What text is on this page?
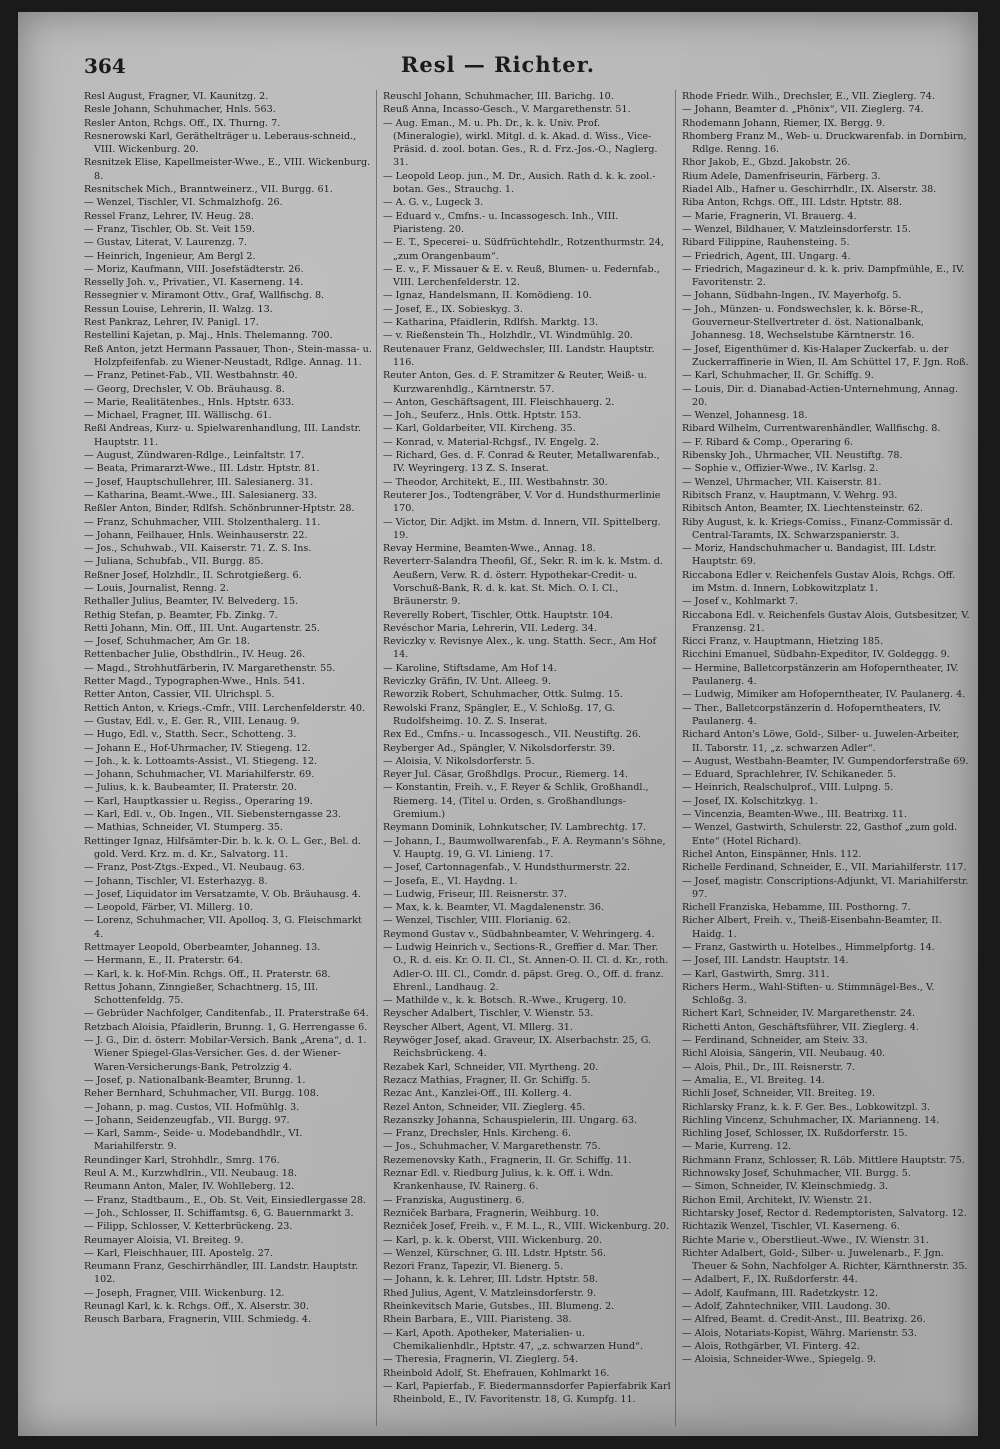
364	Resl — Richter.

Resl August, Fragner, VI. Kaunitzg. 2.

Resle Johann, Schuhmacher, Hnls. 563.

Resler Anton, Rchgs. Off., IX. Thurng. 7.

Resnerowski Karl, Geräthelträger u. Leberaus-schneid., VIII. Wickenburg. 20.

Resnitzek Elise, Kapellmeister-Wwe., E., VIII. Wickenburg. 8.

Resnitschek Mich., Branntweinerz., VII. Burgg. 61.

— Wenzel, Tischler, VI. Schmalzhofg. 26.

Ressel Franz, Lehrer, IV. Heug. 28.

— Franz, Tischler, Ob. St. Veit 159.

— Gustav, Literat, V. Laurenzg. 7.

— Heinrich, Ingenieur, Am Bergl 2.

— Moriz, Kaufmann, VIII. Josefstädterstr. 26.

Resselly Joh. v., Privatier., VI. Kaserneng. 14.

Ressegnier v. Miramont Ottv., Graf, Wallfischg. 8.

Ressun Louise, Lehrerin, II. Walzg. 13.

Rest Pankraz, Lehrer, IV. Panigl. 17.

Restellini Kajetan, p. Maj., Hnls. Thelemanng. 700.

Reß Anton, jetzt Hermann Passauer, Thon-, Stein-massa- u. Holzpfeifenfab. zu Wiener-Neustadt, Rdlge. Annag. 11.

— Franz, Petinet-Fab., VII. Westbahnstr. 40.

— Georg, Drechsler, V. Ob. Bräuhausg. 8.

— Marie, Realitätenbes., Hnls. Hptstr. 633.

— Michael, Fragner, III. Wällischg. 61.

Reßl Andreas, Kurz- u. Spielwarenhandlung, III. Landstr. Hauptstr. 11.

— August, Zündwaren-Rdlge., Leinfaltstr. 17.

— Beata, Primararzt-Wwe., III. Ldstr. Hptstr. 81.

— Josef, Hauptschullehrer, III. Salesianerg. 31.

— Katharina, Beamt.-Wwe., III. Salesianerg. 33.

Reßler Anton, Binder, Rdlfsh. Schönbrunner-Hptstr. 28.

— Franz, Schuhmacher, VIII. Stolzenthalerg. 11.

— Johann, Feilhauer, Hnls. Weinhauserstr. 22.

— Jos., Schuhwab., VII. Kaiserstr. 71. Z. S. Ins.

— Juliana, Schubfab., VII. Burgg. 85.

Reßner Josef, Holzhdlr., II. Schrotgießerg. 6.

— Louis, Journalist, Renng. 2.

Rethaller Julius, Beamter, IV. Belvederg. 15.

Rethig Stefan, p. Beamter, Fb. Zinkg. 7.

Retti Johann, Min. Off., III. Unt. Augartenstr. 25.

— Josef, Schuhmacher, Am Gr. 18.

Rettenbacher Julie, Obsthdlrin., IV. Heug. 26.

— Magd., Strohhutfärberin, IV. Margarethenstr. 55.

Retter Magd., Typographen-Wwe., Hnls. 541.

Retter Anton, Cassier, VII. Ulrichspl. 5.

Rettich Anton, v. Kriegs.-Cmfr., VIII. Lerchenfelderstr. 40.

— Gustav, Edl. v., E. Ger. R., VIII. Lenaug. 9.

— Hugo, Edl. v., Statth. Secr., Schotteng. 3.

— Johann E., Hof-Uhrmacher, IV. Stiegeng. 12.

— Joh., k. k. Lottoamts-Assist., VI. Stiegeng. 12.

— Johann, Schuhmacher, VI. Mariahilferstr. 69.

— Julius, k. k. Baubeamter, II. Praterstr. 20.

— Karl, Hauptkassier u. Regiss., Operaring 19.

— Karl, Edl. v., Ob. Ingen., VII. Siebensterngasse 23.

— Mathias, Schneider, VI. Stumperg. 35.

Rettinger Ignaz, Hilfsämter-Dir. b. k. k. O. L. Ger., Bel. d. gold. Verd. Krz. m. d. Kr., Salvatorg. 11.

— Franz, Post-Ztgs.-Exped., VI. Neubaug. 63.

— Johann, Tischler, VI. Esterhazyg. 8.

— Josef, Liquidator im Versatzamte, V. Ob. Bräuhausg. 4.

— Leopold, Färber, VI. Millerg. 10.

— Lorenz, Schuhmacher, VII. Apolloq. 3, G. Fleischmarkt 4.

Rettmayer Leopold, Oberbeamter, Johanneg. 13.

— Hermann, E., II. Praterstr. 64.

— Karl, k. k. Hof-Min. Rchgs. Off., II. Praterstr. 68.

Rettus Johann, Zinngießer, Schachtnerg. 15, III. Schottenfeldg. 75.

— Gebrüder Nachfolger, Canditenfab., II. Praterstraße 64.

Retzbach Aloisia, Pfaidlerin, Brunng. 1, G. Herrengasse 6.

— J. G., Dir. d. österr. Mobilar-Versich. Bank „Arena“, d. 1. Wiener Spiegel-Glas-Versicher. Ges. d. der Wiener-Waren-Versicherungs-Bank, Petrolzzig 4.

— Josef, p. Nationalbank-Beamter, Brunng. 1.

Reher Bernhard, Schuhmacher, VII. Burgg. 108.

— Johann, p. mag. Custos, VII. Hofmühlg. 3.

— Johann, Seidenzeugfab., VII. Burgg. 97.

— Karl, Samm-, Seide- u. Modebandhdlr., VI. Mariahilferstr. 9.

Reundinger Karl, Strohhdlr., Smrg. 176.

Reul A. M., Kurzwhdlrin., VII. Neubaug. 18.

Reumann Anton, Maler, IV. Wohlleberg. 12.

— Franz, Stadtbaum., E., Ob. St. Veit, Einsiedlergasse 28.

— Joh., Schlosser, II. Schiffamtsg. 6, G. Bauernmarkt 3.

— Filipp, Schlosser, V. Ketterbrückeng. 23.

Reumayer Aloisia, VI. Breiteg. 9.

— Karl, Fleischhauer, III. Apostelg. 27.

Reumann Franz, Geschirrhändler, III. Landstr. Hauptstr. 102.

— Joseph, Fragner, VIII. Wickenburg. 12.

Reunagl Karl, k. k. Rchgs. Off., X. Alserstr. 30.

Reusch Barbara, Fragnerin, VIII. Schmiedg. 4.

Reuschl Johann, Schuhmacher, III. Barichg. 10.

Reuß Anna, Incasso-Gesch., V. Margarethenstr. 51.

— Aug. Eman., M. u. Ph. Dr., k. k. Univ. Prof. (Mineralogie), wirkl. Mitgl. d. k. Akad. d. Wiss., Vice-Präsid. d. zool. botan. Ges., R. d. Frz.-Jos.-O., Naglerg. 31.

— Leopold Leop. jun., M. Dr., Ausich. Rath d. k. k. zool.-botan. Ges., Strauchg. 1.

— A. G. v., Lugeck 3.

— Eduard v., Cmfns.- u. Incassogesch. Inh., VIII. Piaristeng. 20.

— E. T., Specerei- u. Südfrüchtehdlr., Rotzenthurmstr. 24, „zum Orangenbaum“.

— E. v., F. Missauer & E. v. Reuß, Blumen- u. Federnfab., VIII. Lerchenfelderstr. 12.

— Ignaz, Handelsmann, II. Komödieng. 10.

— Josef, E., IX. Sobieskyg. 3.

— Katharina, Pfaidlerin, Rdlfsh. Marktg. 13.

— v. Rießenstein Th., Holzhdlr., VI. Windmühlg. 20.

Reutenauer Franz, Geldwechsler, III. Landstr. Hauptstr. 116.

Reuter Anton, Ges. d. F. Stramitzer & Reuter, Weiß- u. Kurzwarenhdlg., Kärntnerstr. 57.

— Anton, Geschäftsagent, III. Fleischhauerg. 2.

— Joh., Seuferz., Hnls. Ottk. Hptstr. 153.

— Karl, Goldarbeiter, VII. Kircheng. 35.

— Konrad, v. Material-Rchgsf., IV. Engelg. 2.

— Richard, Ges. d. F. Conrad & Reuter, Metallwarenfab., IV. Weyringerg. 13 Z. S. Inserat.

— Theodor, Architekt, E., III. Westbahnstr. 30.

Reuterer Jos., Todtengräber, V. Vor d. Hundsthurmerlinie 170.

— Victor, Dir. Adjkt. im Mstm. d. Innern, VII. Spittelberg. 19.

Revay Hermine, Beamten-Wwe., Annag. 18.

Reverterr-Salandra Theofil, Gf., Sekr. R. im k. k. Mstm. d. Aeußern, Verw. R. d. österr. Hypothekar-Credit- u. Vorschuß-Bank, R. d. k. kat. St. Mich. O. I. Cl., Bräunerstr. 9.

Reverelly Robert, Tischler, Ottk. Hauptstr. 104.

Revéschor Maria, Lehrerin, VII. Lederg. 34.

Reviczky v. Revisnye Alex., k. ung. Statth. Secr., Am Hof 14.

— Karoline, Stiftsdame, Am Hof 14.

Reviczky Gräfin, IV. Unt. Alleeg. 9.

Reworzik Robert, Schuhmacher, Ottk. Sulmg. 15.

Rewolski Franz, Spängler, E., V. Schloßg. 17, G. Rudolfsheimg. 10. Z. S. Inserat.

Rex Ed., Cmfns.- u. Incassogesch., VII. Neustiftg. 26.

Reyberger Ad., Spängler, V. Nikolsdorferstr. 39.

— Aloisia, V. Nikolsdorferstr. 5.

Reyer Jul. Cäsar, Großhdlgs. Procur., Riemerg. 14.

— Konstantin, Freih. v., F. Reyer & Schlik, Großhandl., Riemerg. 14, (Titel u. Orden, s. Großhandlungs-Gremium.)

Reymann Dominik, Lohnkutscher, IV. Lambrechtg. 17.

— Johann, I., Baumwollwarenfab., F. A. Reymann's Söhne, V. Hauptg. 19, G. VI. Linieng. 17.

— Josef, Cartonnagenfab., V. Hundsthurmerstr. 22.

— Josefa, E., VI. Haydng. 1.

— Ludwig, Friseur, III. Reisnerstr. 37.

— Max, k. k. Beamter, VI. Magdalenenstr. 36.

— Wenzel, Tischler, VIII. Florianig. 62.

Reymond Gustav v., Südbahnbeamter, V. Wehringerg. 4.

— Ludwig Heinrich v., Sections-R., Greffier d. Mar. Ther. O., R. d. eis. Kr. O. II. Cl., St. Annen-O. II. Cl. d. Kr., roth. Adler-O. III. Cl., Comdr. d. päpst. Greg. O., Off. d. franz. Ehrenl., Landhaug. 2.

— Mathilde v., k. k. Botsch. R.-Wwe., Krugerg. 10.

Reyscher Adalbert, Tischler, V. Wienstr. 53.

Reyscher Albert, Agent, VI. Mllerg. 31.

Reywöger Josef, akad. Graveur, IX. Alserbachstr. 25, G. Reichsbrückeng. 4.

Rezabek Karl, Schneider, VII. Myrtheng. 20.

Rezacz Mathias, Fragner, II. Gr. Schiffg. 5.

Rezac Ant., Kanzlei-Off., III. Kollerg. 4.

Rezel Anton, Schneider, VII. Zieglerg. 45.

Rezanszky Johanna, Schauspielerin, III. Ungarg. 63.

— Franz, Drechsler, Hnls. Kircheng. 6.

— Jos., Schuhmacher, V. Margarethenstr. 75.

Rezemenovsky Kath., Fragnerin, II. Gr. Schiffg. 11.

Reznar Edl. v. Riedburg Julius, k. k. Off. i. Wdn. Krankenhause, IV. Rainerg. 6.

— Franziska, Augustinerg. 6.

Rezniček Barbara, Fragnerin, Weihburg. 10.

Rezniček Josef, Freih. v., F. M. L., R., VIII. Wickenburg. 20.

— Karl, p. k. k. Oberst, VIII. Wickenburg. 20.

— Wenzel, Kürschner, G. III. Ldstr. Hptstr. 56.

Rezori Franz, Tapezir, VI. Bienerg. 5.

— Johann, k. k. Lehrer, III. Ldstr. Hptstr. 58.

Rhed Julius, Agent, V. Matzleinsdorferstr. 9.

Rheinkevitsch Marie, Gutsbes., III. Blumeng. 2.

Rhein Barbara, E., VIII. Piaristeng. 38.

— Karl, Apoth. Apotheker, Materialien- u. Chemikalienhdlr., Hptstr. 47, „z. schwarzen Hund“.

— Theresia, Fragnerin, VI. Zieglerg. 54.

Rheinbold Adolf, St. Ehefrauen, Kohlmarkt 16.

— Karl, Papierfab., F. Biedermannsdorfer Papierfabrik Karl Rheinbold, E., IV. Favoritenstr. 18, G. Kumpfg. 11.

Rhode Friedr. Wilh., Drechsler, E., VII. Zieglerg. 74.

— Johann, Beamter d. „Phönix“, VII. Zieglerg. 74.

Rhodemann Johann, Riemer, IX. Bergg. 9.

Rhomberg Franz M., Web- u. Druckwarenfab. in Dornbirn, Rdlge. Renng. 16.

Rhor Jakob, E., Gbzd. Jakobstr. 26.

Rium Adele, Damenfriseurin, Färberg. 3.

Riadel Alb., Hafner u. Geschirrhdlr., IX. Alserstr. 38.

Riba Anton, Rchgs. Off., III. Ldstr. Hptstr. 88.

— Marie, Fragnerin, VI. Brauerg. 4.

— Wenzel, Bildhauer, V. Matzleinsdorferstr. 15.

Ribard Filippine, Rauhensteing. 5.

— Friedrich, Agent, III. Ungarg. 4.

— Friedrich, Magazineur d. k. k. priv. Dampfmühle, E., IV. Favoritenstr. 2.

— Johann, Südbahn-Ingen., IV. Mayerhofg. 5.

— Joh., Münzen- u. Fondswechsler, k. k. Börse-R., Gouverneur-Stellvertreter d. öst. Nationalbank, Johannesg. 18, Wechselstube Kärntnerstr. 16.

— Josef, Eigenthümer d. Kis-Halaper Zuckerfab. u. der Zuckerraffinerie in Wien, II. Am Schüttel 17, F. Jgn. Roß.

— Karl, Schuhmacher, II. Gr. Schiffg. 9.

— Louis, Dir. d. Dianabad-Actien-Unternehmung, Annag. 20.

— Wenzel, Johannesg. 18.

Ribard Wilhelm, Currentwarenhändler, Wallfischg. 8.

— F. Ribard & Comp., Operaring 6.

Ribensky Joh., Uhrmacher, VII. Neustiftg. 78.

— Sophie v., Offizier-Wwe., IV. Karlsg. 2.

— Wenzel, Uhrmacher, VII. Kaiserstr. 81.

Ribitsch Franz, v. Hauptmann, V. Wehrg. 93.

Ribitsch Anton, Beamter, IX. Liechtensteinstr. 62.

Riby August, k. k. Kriegs-Comiss., Finanz-Commissär d. Central-Taramts, IX. Schwarzspanierstr. 3.

— Moriz, Handschuhmacher u. Bandagist, III. Ldstr. Hauptstr. 69.

Riccabona Edler v. Reichenfels Gustav Alois, Rchgs. Off. im Mstm. d. Innern, Lobkowitzplatz 1.

— Josef v., Kohlmarkt 7.

Riccabona Edl. v. Reichenfels Gustav Alois, Gutsbesitzer, V. Franzensg. 21.

Ricci Franz, v. Hauptmann, Hietzing 185.

Ricchini Emanuel, Südbahn-Expeditor, IV. Goldeggg. 9.

— Hermine, Balletcorpstänzerin am Hofoperntheater, IV. Paulanerg. 4.

— Ludwig, Mimiker am Hofoperntheater, IV. Paulanerg. 4.

— Ther., Balletcorpstänzerin d. Hofoperntheaters, IV. Paulanerg. 4.

Richard Anton's Löwe, Gold-, Silber- u. Juwelen-Arbeiter, II. Taborstr. 11, „z. schwarzen Adler“.

— August, Westbahn-Beamter, IV. Gumpendorferstraße 69.

— Eduard, Sprachlehrer, IV. Schikaneder. 5.

— Heinrich, Realschulprof., VIII. Lulpng. 5.

— Josef, IX. Kolschitzkyg. 1.

— Vincenzia, Beamten-Wwe., III. Beatrixg. 11.

— Wenzel, Gastwirth, Schulerstr. 22, Gasthof „zum gold. Ente“ (Hotel Richard).

Richel Anton, Einspänner, Hnls. 112.

Richelle Ferdinand, Schneider, E., VII. Mariahilferstr. 117.

— Josef, magistr. Conscriptions-Adjunkt, VI. Mariahilferstr. 97.

Richell Franziska, Hebamme, III. Posthorng. 7.

Richer Albert, Freih. v., Theiß-Eisenbahn-Beamter, II. Haidg. 1.

— Franz, Gastwirth u. Hotelbes., Himmelpfortg. 14.

— Josef, III. Landstr. Hauptstr. 14.

— Karl, Gastwirth, Smrg. 311.

Richers Herm., Wahl-Stiften- u. Stimmnägel-Bes., V. Schloßg. 3.

Richert Karl, Schneider, IV. Margarethenstr. 24.

Richetti Anton, Geschäftsführer, VII. Zieglerg. 4.

— Ferdinand, Schneider, am Steiv. 33.

Richl Aloisia, Sängerin, VII. Neubaug. 40.

— Alois, Phil., Dr., III. Reisnerstr. 7.

— Amalia, E., VI. Breiteg. 14.

Richli Josef, Schneider, VII. Breiteg. 19.

Richlarsky Franz, k. k. F. Ger. Bes., Lobkowitzpl. 3.

Richling Vincenz, Schuhmacher, IX. Marianneng. 14.

Richling Josef, Schlosser, IX. Rußdorferstr. 15.

— Marie, Kurreng. 12.

Richmann Franz, Schlosser, R. Löb. Mittlere Hauptstr. 75.

Richnowsky Josef, Schuhmacher, VII. Burgg. 5.

— Simon, Schneider, IV. Kleinschmiedg. 3.

Richon Emil, Architekt, IV. Wienstr. 21.

Richtarsky Josef, Rector d. Redemptoristen, Salvatorg. 12.

Richtazik Wenzel, Tischler, VI. Kaserneng. 6.

Richte Marie v., Oberstlieut.-Wwe., IV. Wienstr. 31.

Richter Adalbert, Gold-, Silber- u. Juwelenarb., F. Jgn. Theuer & Sohn, Nachfolger A. Richter, Kärnthnerstr. 35.

— Adalbert, F., IX. Rußdorferstr. 44.

— Adolf, Kaufmann, III. Radetzkystr. 12.

— Adolf, Zahntechniker, VIII. Laudong. 30.

— Alfred, Beamt. d. Credit-Anst., III. Beatrixg. 26.

— Alois, Notariats-Kopist, Währg. Marienstr. 53.

— Alois, Rothgärber, VI. Finterg. 42.

— Aloisia, Schneider-Wwe., Spiegelg. 9.
